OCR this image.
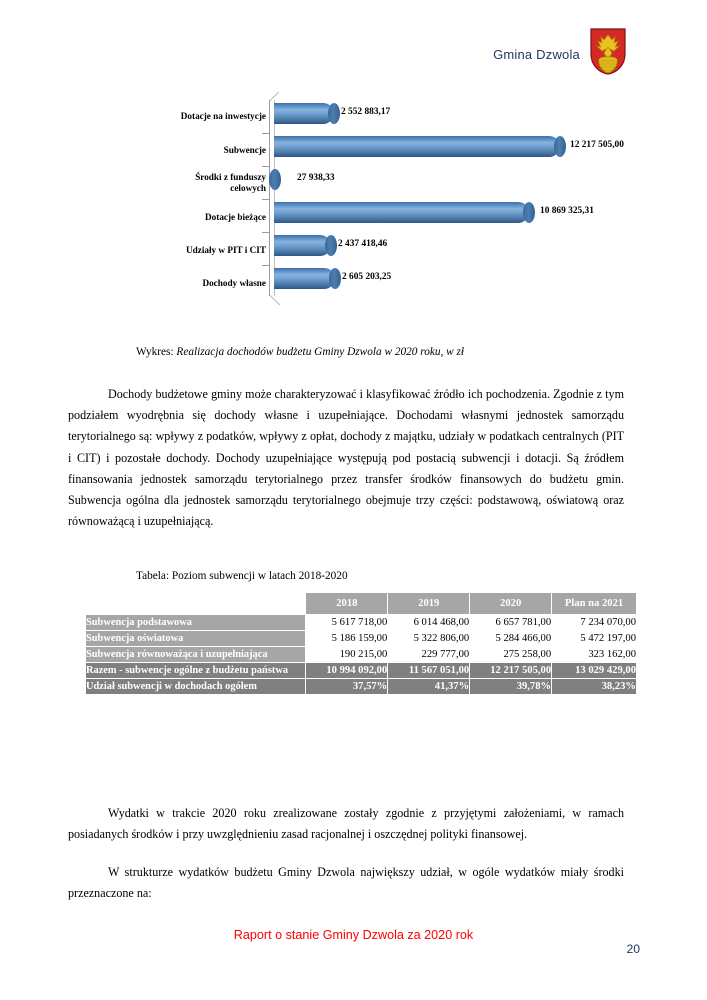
Gmina Dzwola
Dotacje na inwestycje
Subwencje
Środki z funduszy celowych
Dotacje bieżące
Udziały w PIT i CIT
Dochody własne
2 552 883,17
12 217 505,00
27 938,33
10 869 325,31
2 437 418,46
2 605 203,25
Wykres: Realizacja dochodów budżetu Gminy Dzwola w 2020 roku, w zł
Dochody budżetowe gminy może charakteryzować i klasyfikować źródło ich pochodzenia. Zgodnie z tym podziałem wyodrębnia się dochody własne i uzupełniające. Dochodami własnymi jednostek samorządu terytorialnego są: wpływy z podatków, wpływy z opłat, dochody z majątku, udziały w podatkach centralnych (PIT i CIT) i pozostałe dochody. Dochody uzupełniające występują pod postacią subwencji i dotacji. Są źródłem finansowania jednostek samorządu terytorialnego przez transfer środków finansowych do budżetu gmin. Subwencja ogólna dla jednostek samorządu terytorialnego obejmuje trzy części: podstawową, oświatową oraz równoważącą i uzupełniającą.
Tabela: Poziom subwencji w latach 2018-2020
	2018	2019	2020	Plan na 2021
Subwencja podstawowa	5 617 718,00	6 014 468,00	6 657 781,00	7 234 070,00
Subwencja oświatowa	5 186 159,00	5 322 806,00	5 284 466,00	5 472 197,00
Subwencja równoważąca i uzupełniająca	190 215,00	229 777,00	275 258,00	323 162,00
Razem - subwencje ogólne z budżetu państwa	10 994 092,00	11 567 051,00	12 217 505,00	13 029 429,00
Udział subwencji w dochodach ogółem	37,57%	41,37%	39,78%	38,23%
Wydatki w trakcie 2020 roku zrealizowane zostały zgodnie z przyjętymi założeniami, w ramach posiadanych środków i przy uwzględnieniu zasad racjonalnej i oszczędnej polityki finansowej.
W strukturze wydatków budżetu Gminy Dzwola największy udział, w ogóle wydatków miały środki przeznaczone na:
Raport o stanie Gminy Dzwola za 2020 rok
20
